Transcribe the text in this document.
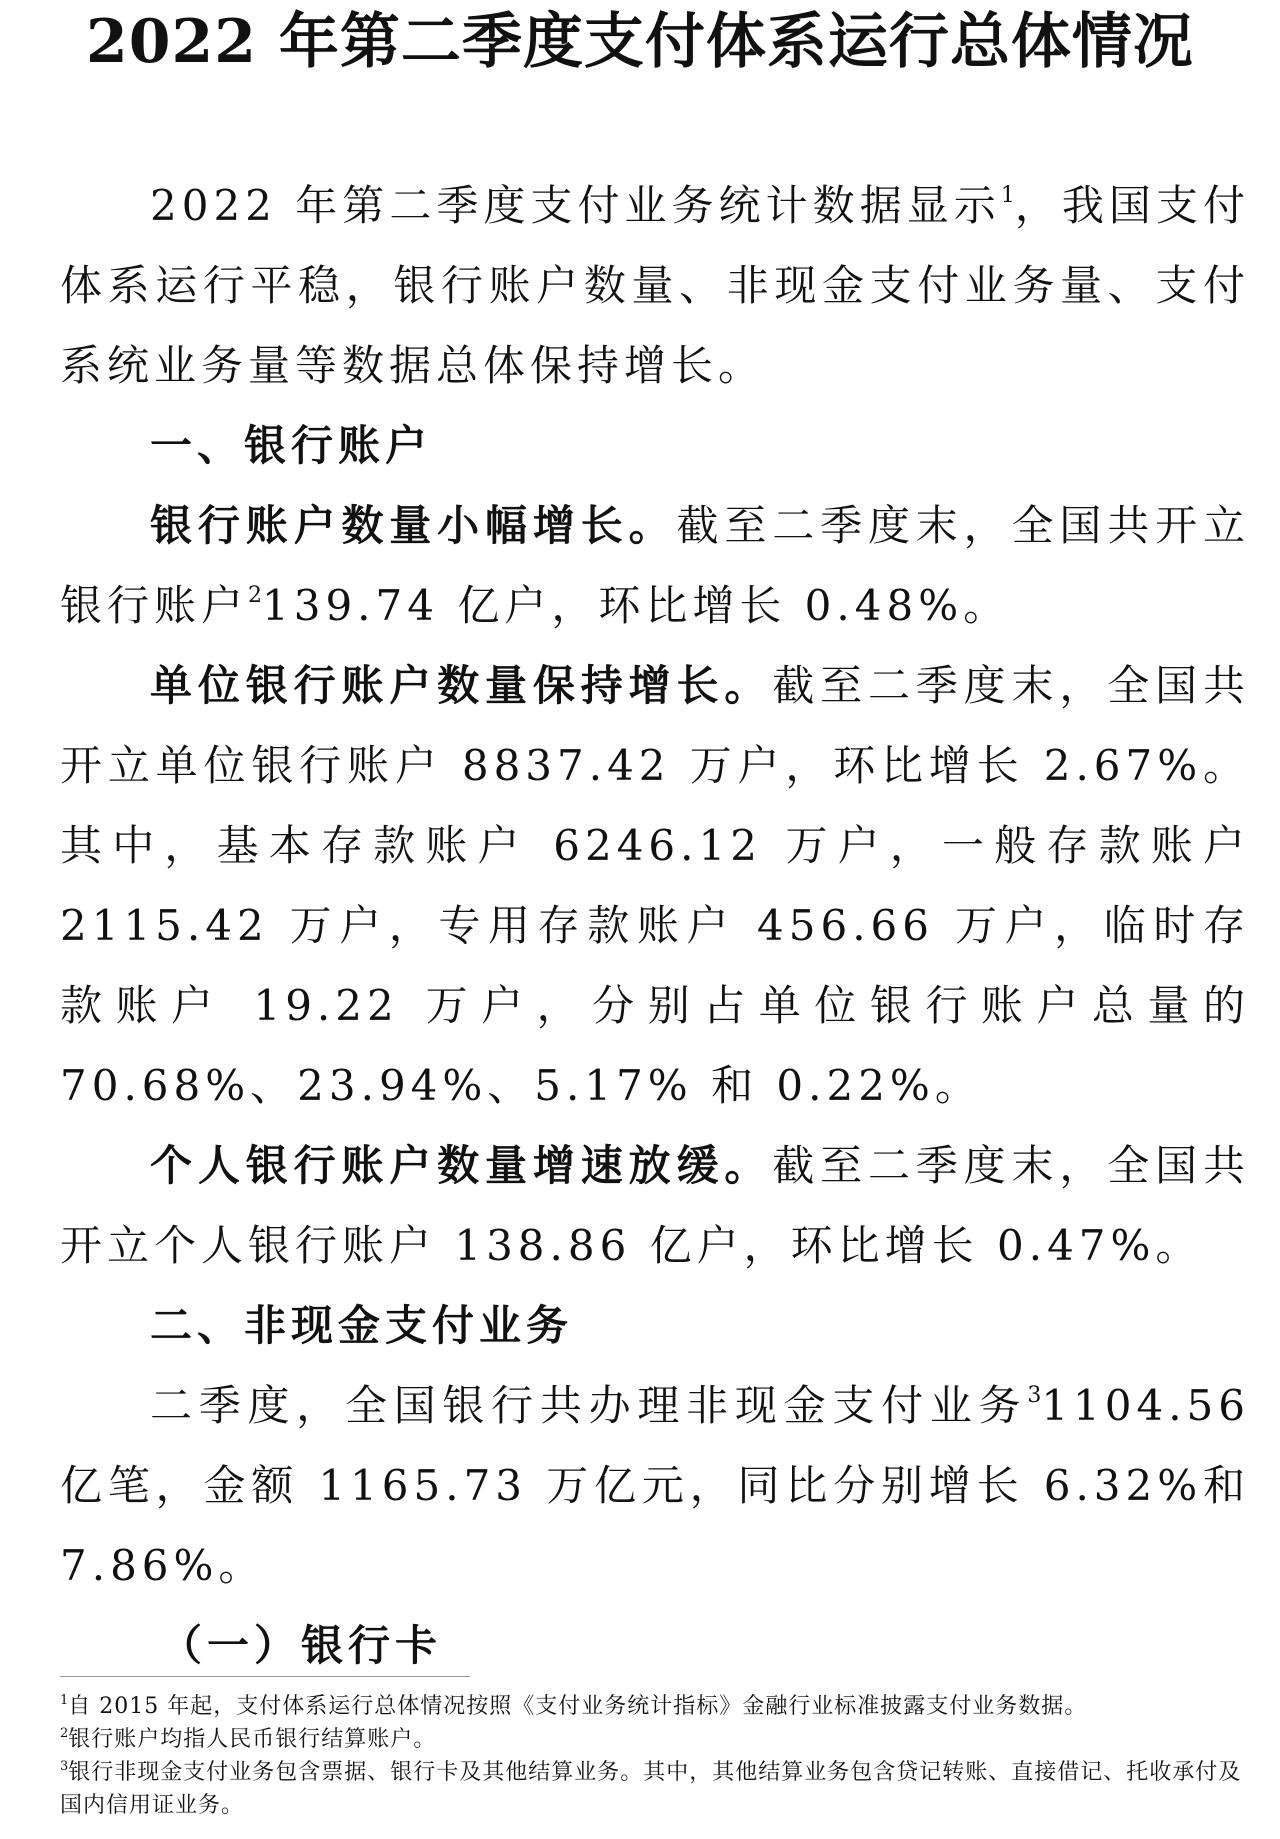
2022 年第二季度支付体系运行总体情况

2022 年第二季度支付业务统计数据显示$^1$，我国支付体系运行平稳，银行账户数量、非现金支付业务量、支付系统业务量等数据总体保持增长。

一、银行账户

银行账户数量小幅增长。截至二季度末，全国共开立银行账户$^2$139.74 亿户，环比增长 0.48%。

单位银行账户数量保持增长。截至二季度末，全国共开立单位银行账户 8837.42 万户，环比增长 2.67%。其中，基本存款账户 6246.12 万户，一般存款账户 2115.42 万户，专用存款账户 456.66 万户，临时存款账户 19.22 万户，分别占单位银行账户总量的 70.68%、23.94%、5.17% 和 0.22%。

个人银行账户数量增速放缓。截至二季度末，全国共开立个人银行账户 138.86 亿户，环比增长 0.47%。

二、非现金支付业务

二季度，全国银行共办理非现金支付业务$^3$1104.56 亿笔，金额 1165.73 万亿元，同比分别增长 6.32%和 7.86%。

（一）银行卡

$^1$自 2015 年起，支付体系运行总体情况按照《支付业务统计指标》金融行业标准披露支付业务数据。

$^2$银行账户均指人民币银行结算账户。

$^3$银行非现金支付业务包含票据、银行卡及其他结算业务。其中，其他结算业务包含贷记转账、直接借记、托收承付及国内信用证业务。
